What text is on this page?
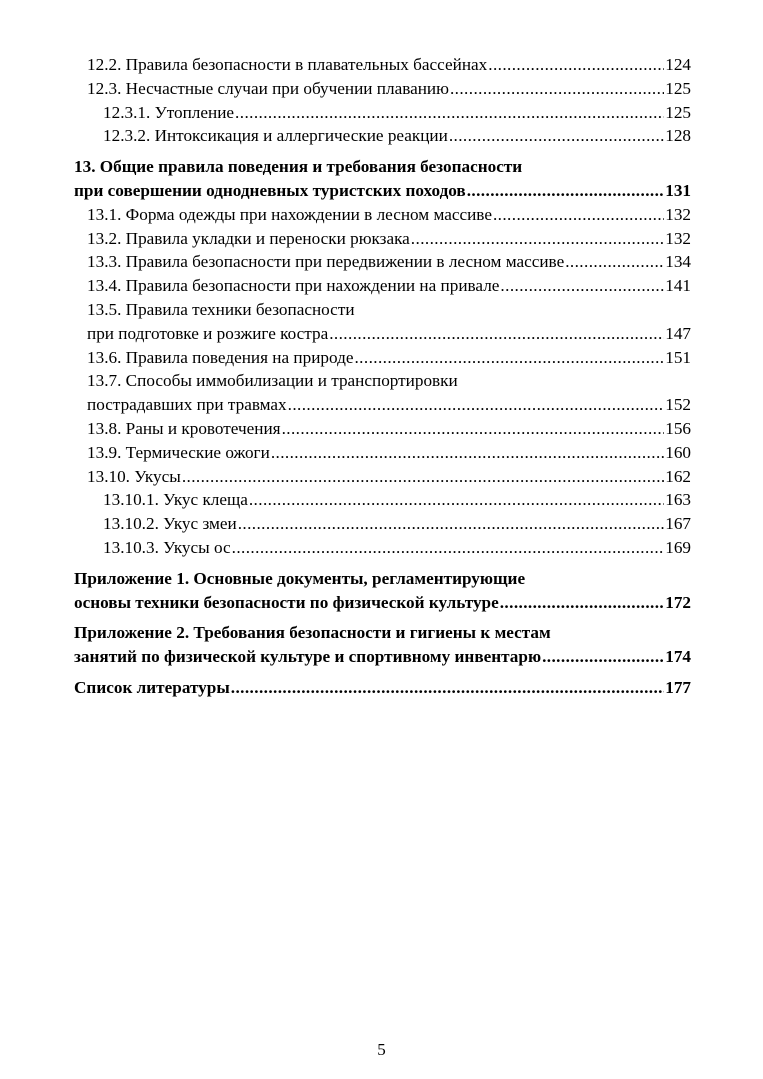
12.2. Правила безопасности в плавательных бассейнах .....	124
12.3. Несчастные случаи при обучении плаванию .....	125
12.3.1. Утопление .....	125
12.3.2. Интоксикация и аллергические реакции .....	128
13. Общие правила поведения и требования безопасности
при совершении однодневных туристских походов .....	131
13.1. Форма одежды при нахождении в лесном массиве .....	132
13.2. Правила укладки и переноски рюкзака .....	132
13.3. Правила безопасности при передвижении в лесном массиве .....	134
13.4. Правила безопасности при нахождении на привале .....	141
13.5. Правила техники безопасности
при подготовке и розжиге костра .....	147
13.6. Правила поведения на природе .....	151
13.7. Способы иммобилизации и транспортировки
пострадавших при травмах .....	152
13.8. Раны и кровотечения .....	156
13.9. Термические ожоги .....	160
13.10. Укусы .....	162
13.10.1. Укус клеща .....	163
13.10.2. Укус змеи .....	167
13.10.3. Укусы ос .....	169
Приложение 1. Основные документы, регламентирующие
основы техники безопасности по физической культуре .....	172
Приложение 2. Требования безопасности и гигиены к местам
занятий по физической культуре и спортивному инвентарю .....	174
Список литературы .....	177
5
